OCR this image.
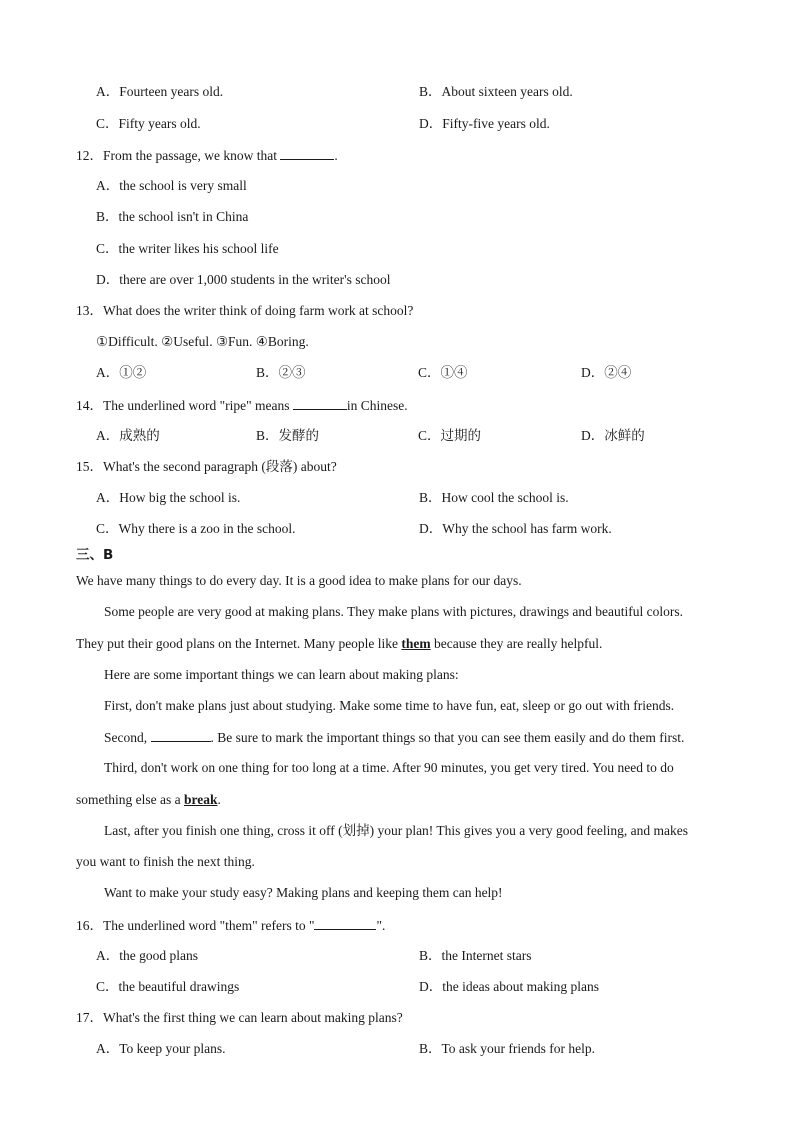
A．Fourteen years old.	B．About sixteen years old.
C．Fifty years old.	D．Fifty-five years old.
12．From the passage, we know that	.
A．the school is very small
B．the school isn't in China
C．the writer likes his school life
D．there are over 1,000 students in the writer's school
13．What does the writer think of doing farm work at school?
①Difficult. ②Useful. ③Fun. ④Boring.
A．①②	B．②③	C．①④	D．②④
14．The underlined word "ripe" means	in Chinese.
A．成熟的	B．发酵的	C．过期的	D．冰鲜的
15．What's the second paragraph (段落) about?
A．How big the school is.	B．How cool the school is.
C．Why there is a zoo in the school.	D．Why the school has farm work.
三、B
We have many things to do every day. It is a good idea to make plans for our days.
Some people are very good at making plans. They make plans with pictures, drawings and beautiful colors.
They put their good plans on the Internet. Many people like them because they are really helpful.
Here are some important things we can learn about making plans:
First, don't make plans just about studying. Make some time to have fun, eat, sleep or go out with friends.
Second,	. Be sure to mark the important things so that you can see them easily and do them first.
Third, don't work on one thing for too long at a time. After 90 minutes, you get very tired. You need to do
something else as a break.
Last, after you finish one thing, cross it off (划掉) your plan! This gives you a very good feeling, and makes
you want to finish the next thing.
Want to make your study easy? Making plans and keeping them can help!
16．The underlined word "them" refers to "	".
A．the good plans	B．the Internet stars
C．the beautiful drawings	D．the ideas about making plans
17．What's the first thing we can learn about making plans?
A．To keep your plans.	B．To ask your friends for help.
